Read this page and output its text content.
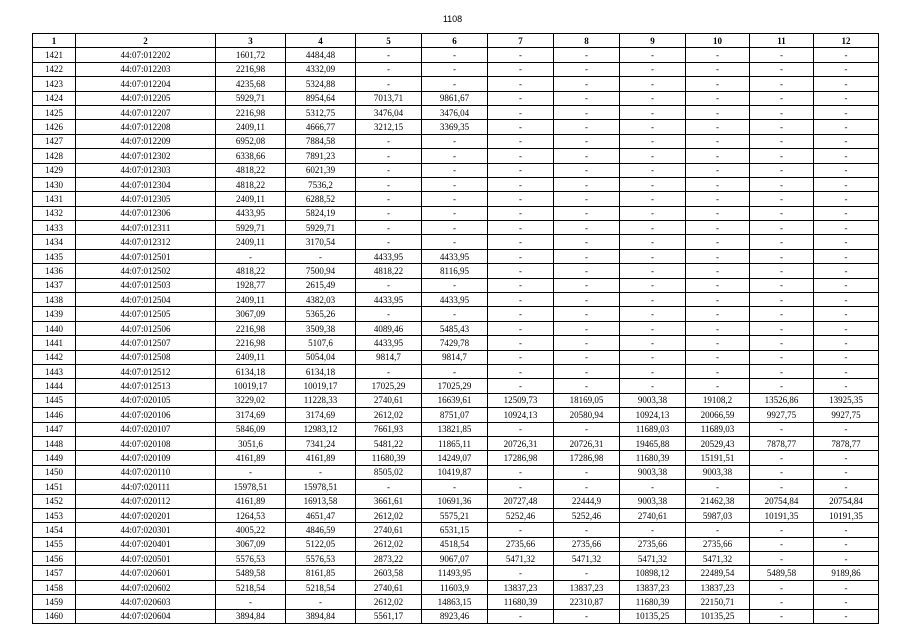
1108
1	2	3	4	5	6	7	8	9	10	11	12
1421	44:07:012202	1601,72	4484,48	-	-	-	-	-	-	-	-
1422	44:07:012203	2216,98	4332,09	-	-	-	-	-	-	-	-
1423	44:07:012204	4235,68	5324,88	-	-	-	-	-	-	-	-
1424	44:07:012205	5929,71	8954,64	7013,71	9861,67	-	-	-	-	-	-
1425	44:07:012207	2216,98	5312,75	3476,04	3476,04	-	-	-	-	-	-
1426	44:07:012208	2409,11	4666,77	3212,15	3369,35	-	-	-	-	-	-
1427	44:07:012209	6952,08	7884,58	-	-	-	-	-	-	-	-
1428	44:07:012302	6338,66	7891,23	-	-	-	-	-	-	-	-
1429	44:07:012303	4818,22	6021,39	-	-	-	-	-	-	-	-
1430	44:07:012304	4818,22	7536,2	-	-	-	-	-	-	-	-
1431	44:07:012305	2409,11	6288,52	-	-	-	-	-	-	-	-
1432	44:07:012306	4433,95	5824,19	-	-	-	-	-	-	-	-
1433	44:07:012311	5929,71	5929,71	-	-	-	-	-	-	-	-
1434	44:07:012312	2409,11	3170,54	-	-	-	-	-	-	-	-
1435	44:07:012501	-	-	4433,95	4433,95	-	-	-	-	-	-
1436	44:07:012502	4818,22	7500,94	4818,22	8116,95	-	-	-	-	-	-
1437	44:07:012503	1928,77	2615,49	-	-	-	-	-	-	-	-
1438	44:07:012504	2409,11	4382,03	4433,95	4433,95	-	-	-	-	-	-
1439	44:07:012505	3067,09	5365,26	-	-	-	-	-	-	-	-
1440	44:07:012506	2216,98	3509,38	4089,46	5485,43	-	-	-	-	-	-
1441	44:07:012507	2216,98	5107,6	4433,95	7429,78	-	-	-	-	-	-
1442	44:07:012508	2409,11	5054,04	9814,7	9814,7	-	-	-	-	-	-
1443	44:07:012512	6134,18	6134,18	-	-	-	-	-	-	-	-
1444	44:07:012513	10019,17	10019,17	17025,29	17025,29	-	-	-	-	-	-
1445	44:07:020105	3229,02	11228,33	2740,61	16639,61	12509,73	18169,05	9003,38	19108,2	13526,86	13925,35
1446	44:07:020106	3174,69	3174,69	2612,02	8751,07	10924,13	20580,94	10924,13	20066,59	9927,75	9927,75
1447	44:07:020107	5846,09	12983,12	7661,93	13821,85	-	-	11689,03	11689,03	-	-
1448	44:07:020108	3051,6	7341,24	5481,22	11865,11	20726,31	20726,31	19465,88	20529,43	7878,77	7878,77
1449	44:07:020109	4161,89	4161,89	11680,39	14249,07	17286,98	17286,98	11680,39	15191,51	-	-
1450	44:07:020110	-	-	8505,02	10419,87	-	-	9003,38	9003,38	-	-
1451	44:07:020111	15978,51	15978,51	-	-	-	-	-	-	-	-
1452	44:07:020112	4161,89	16913,58	3661,61	10691,36	20727,48	22444,9	9003,38	21462,38	20754,84	20754,84
1453	44:07:020201	1264,53	4651,47	2612,02	5575,21	5252,46	5252,46	2740,61	5987,03	10191,35	10191,35
1454	44:07:020301	4005,22	4846,59	2740,61	6531,15	-	-	-	-	-	-
1455	44:07:020401	3067,09	5122,05	2612,02	4518,54	2735,66	2735,66	2735,66	2735,66	-	-
1456	44:07:020501	5576,53	5576,53	2873,22	9067,07	5471,32	5471,32	5471,32	5471,32	-	-
1457	44:07:020601	5489,58	8161,85	2603,58	11493,95	-	-	10898,12	22489,54	5489,58	9189,86
1458	44:07:020602	5218,54	5218,54	2740,61	11603,9	13837,23	13837,23	13837,23	13837,23	-	-
1459	44:07:020603	-	-	2612,02	14863,15	11680,39	22310,87	11680,39	22150,71	-	-
1460	44:07:020604	3894,84	3894,84	5561,17	8923,46	-	-	10135,25	10135,25	-	-
